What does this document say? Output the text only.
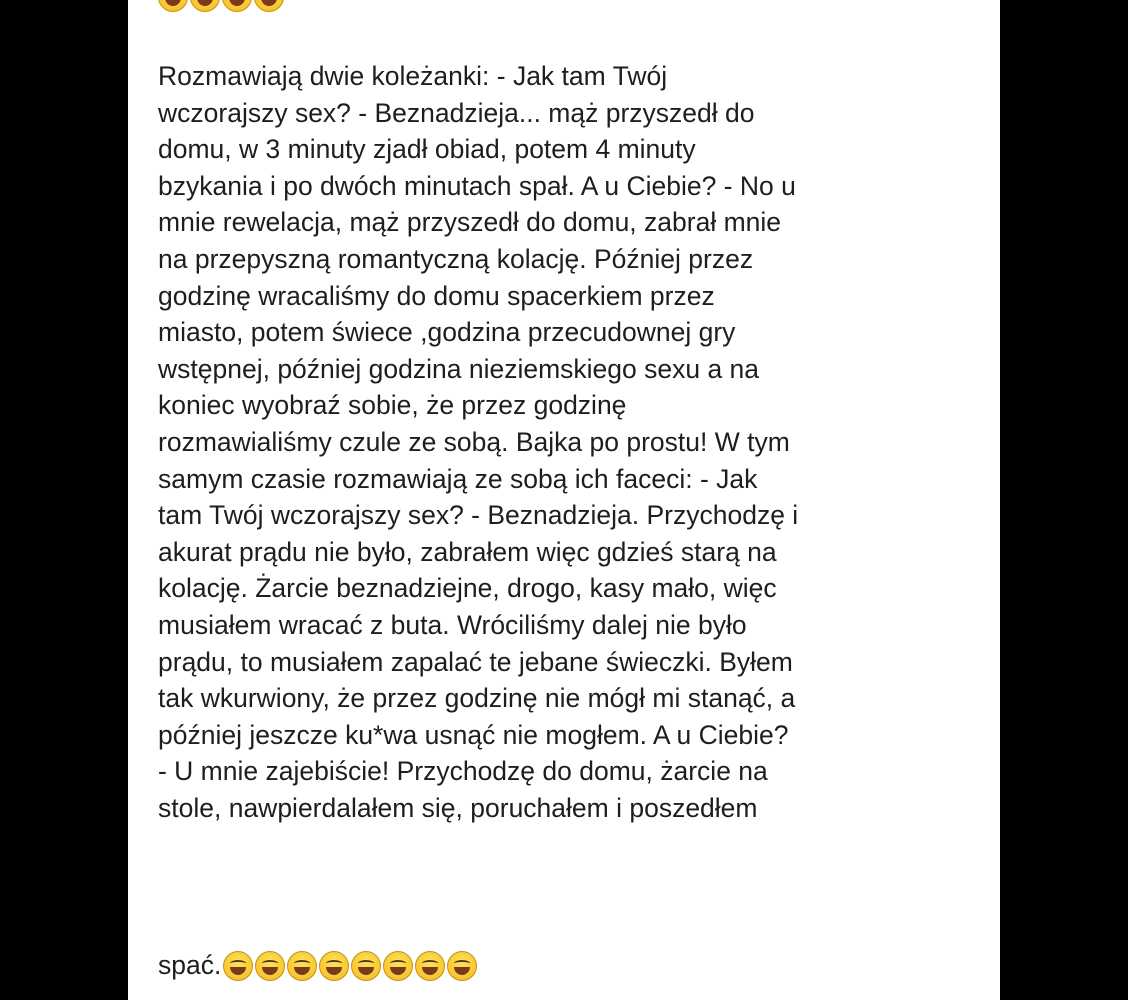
Rozmawiają dwie koleżanki: - Jak tam Twój
wczorajszy sex? - Beznadzieja... mąż przyszedł do
domu, w 3 minuty zjadł obiad, potem 4 minuty
bzykania i po dwóch minutach spał. A u Ciebie? - No u
mnie rewelacja, mąż przyszedł do domu, zabrał mnie
na przepyszną romantyczną kolację. Później przez
godzinę wracaliśmy do domu spacerkiem przez
miasto, potem świece ,godzina przecudownej gry
wstępnej, później godzina nieziemskiego sexu a na
koniec wyobraź sobie, że przez godzinę
rozmawialiśmy czule ze sobą. Bajka po prostu! W tym
samym czasie rozmawiają ze sobą ich faceci: - Jak
tam Twój wczorajszy sex? - Beznadzieja. Przychodzę i
akurat prądu nie było, zabrałem więc gdzieś starą na
kolację. Żarcie beznadziejne, drogo, kasy mało, więc
musiałem wracać z buta. Wróciliśmy dalej nie było
prądu, to musiałem zapalać te jebane świeczki. Byłem
tak wkurwiony, że przez godzinę nie mógł mi stanąć, a
później jeszcze ku*wa usnąć nie mogłem. A u Ciebie?
- U mnie zajebiście! Przychodzę do domu, żarcie na
stole, nawpierdalałem się, poruchałem i poszedłem

spać.
